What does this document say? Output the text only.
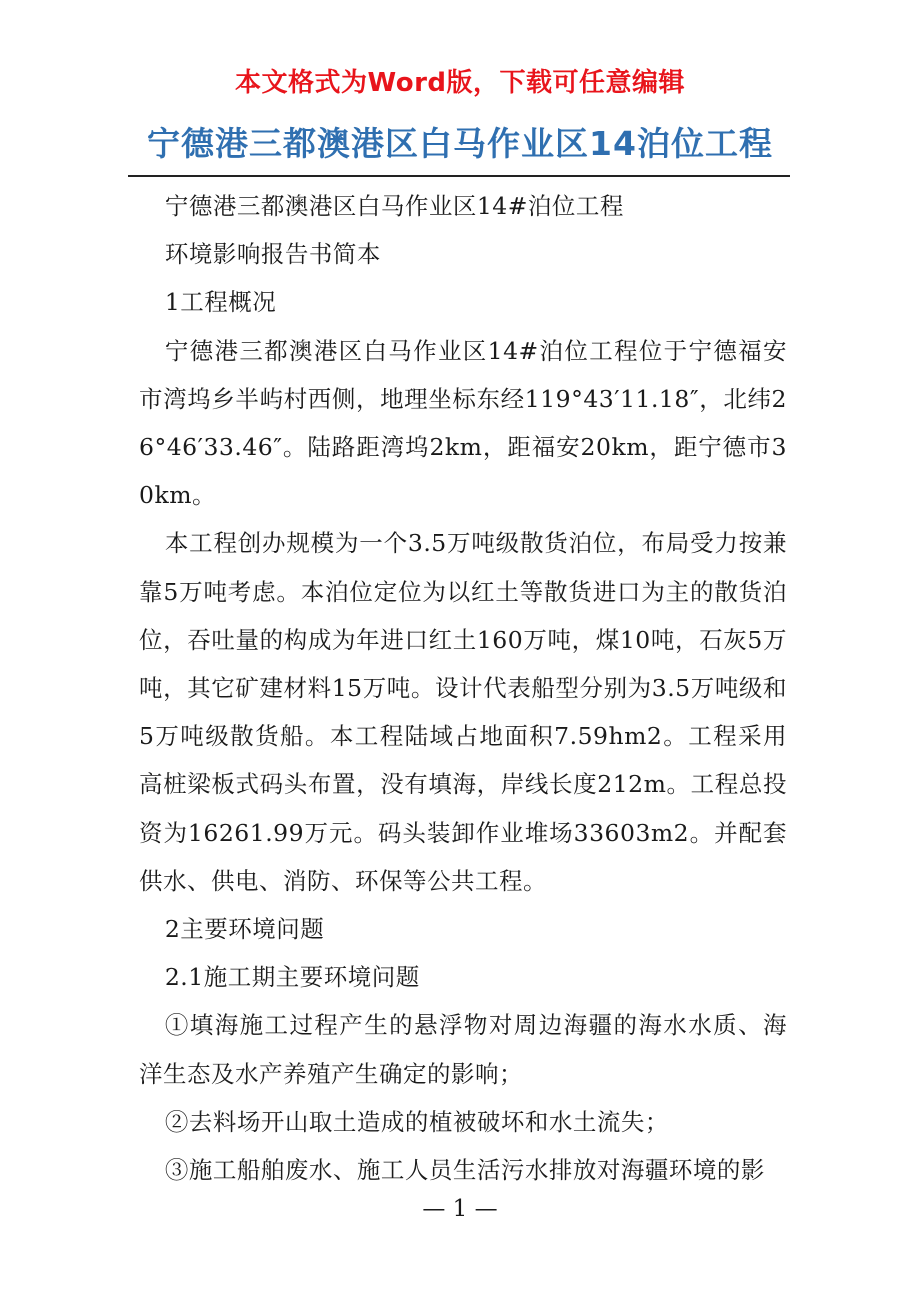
本文格式为Word版，下载可任意编辑
宁德港三都澳港区白马作业区14泊位工程

宁德港三都澳港区白马作业区14#泊位工程

环境影响报告书简本

1工程概况

宁德港三都澳港区白马作业区14#泊位工程位于宁德福安市湾坞乡半屿村西侧，地理坐标东经119°43′11.18″，北纬26°46′33.46″。陆路距湾坞2km，距福安20km，距宁德市30km。

本工程创办规模为一个3.5万吨级散货泊位，布局受力按兼靠5万吨考虑。本泊位定位为以红土等散货进口为主的散货泊位，吞吐量的构成为年进口红土160万吨，煤10吨，石灰5万吨，其它矿建材料15万吨。设计代表船型分别为3.5万吨级和5万吨级散货船。本工程陆域占地面积7.59hm2。工程采用高桩梁板式码头布置，没有填海，岸线长度212m。工程总投资为16261.99万元。码头装卸作业堆场33603m2。并配套供水、供电、消防、环保等公共工程。

2主要环境问题

2.1施工期主要环境问题

①填海施工过程产生的悬浮物对周边海疆的海水水质、海洋生态及水产养殖产生确定的影响；

②去料场开山取土造成的植被破坏和水土流失；

③施工船舶废水、施工人员生活污水排放对海疆环境的影

— 1 —
